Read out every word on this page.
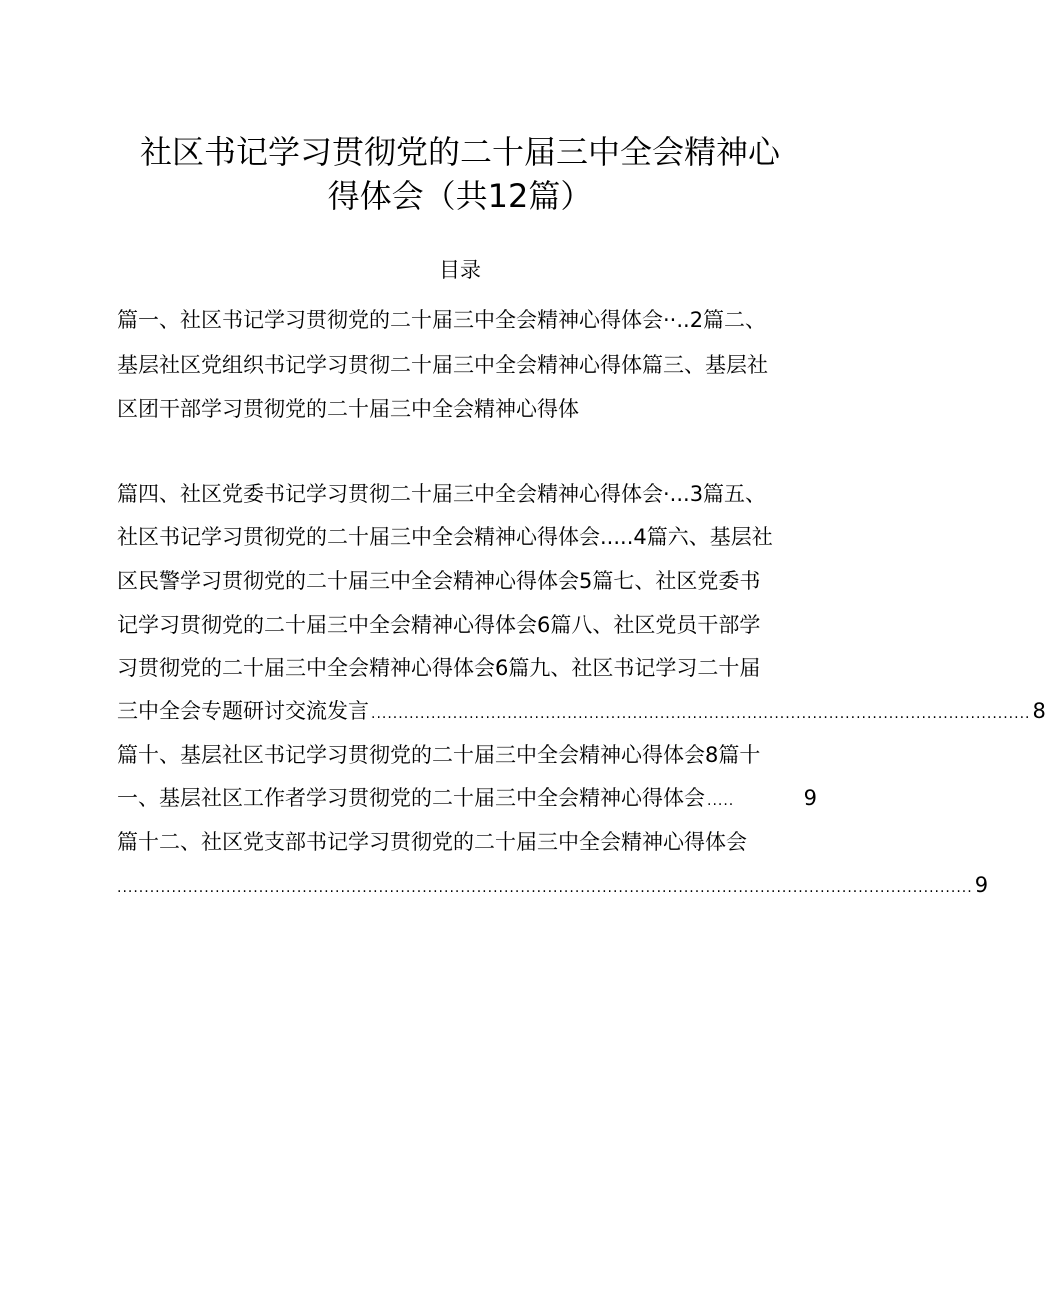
社区书记学习贯彻党的二十届三中全会精神心
得体会（共12篇）
目录
篇一、社区书记学习贯彻党的二十届三中全会精神心得体会··..2篇二、
基层社区党组织书记学习贯彻二十届三中全会精神心得体篇三、基层社
区团干部学习贯彻党的二十届三中全会精神心得体
篇四、社区党委书记学习贯彻二十届三中全会精神心得体会·...3篇五、
社区书记学习贯彻党的二十届三中全会精神心得体会.....4篇六、基层社
区民警学习贯彻党的二十届三中全会精神心得体会5篇七、社区党委书
记学习贯彻党的二十届三中全会精神心得体会6篇八、社区党员干部学
习贯彻党的二十届三中全会精神心得体会6篇九、社区书记学习二十届
三中全会专题研讨交流发言 ......................................................................................................................... 8
篇十、基层社区书记学习贯彻党的二十届三中全会精神心得体会8篇十
一、基层社区工作者学习贯彻党的二十届三中全会精神心得体会 .....	9
篇十二、社区党支部书记学习贯彻党的二十届三中全会精神心得体会
............................................................................................................................................................. 9
